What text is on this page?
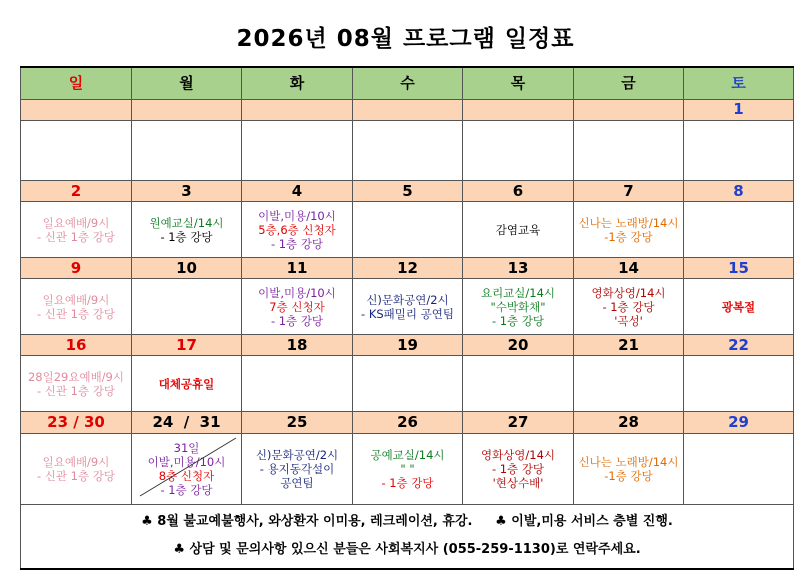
2026년 08월 프로그램 일정표
일	월	화	수	목	금	토
						1

2	3	4	5	6	7	8

일요예배/9시
- 신관 1층 강당	원예교실/14시
- 1층 강당	이발,미용/10시
5층,6층 신청자
- 1층 강당		감염교육	신나는 노래방/14시
-1층 강당	

9	10	11	12	13	14	15

일요예배/9시
- 신관 1층 강당		이발,미용/10시
7층 신청자
- 1층 강당	신)문화공연/2시
- KS패밀리 공연팀	요리교실/14시
"수박화채"
- 1층 강당	영화상영/14시
- 1층 강당
'곡성'	광복절

16	17	18	19	20	21	22

28일29요예배/9시
- 신관 1층 강당	대체공휴일					

23 / 30	24  /  31	25	26	27	28	29

일요예배/9시
- 신관 1층 강당	31일
이발,미용/10시
8층 신청자
- 1층 강당	신)문화공연/2시
- 용지동각설이
공연팀	공예교실/14시
" "
- 1층 강당	영화상영/14시
- 1층 강당
'현상수배'	신나는 노래방/14시
-1층 강당	

♣ 8월 불교예불행사, 와상환자 이미용, 레크레이션, 휴강.     ♣ 이발,미용 서비스 층별 진행.
♣ 상담 및 문의사항 있으신 분들은 사회복지사 (055-259-1130)로 연락주세요.						
